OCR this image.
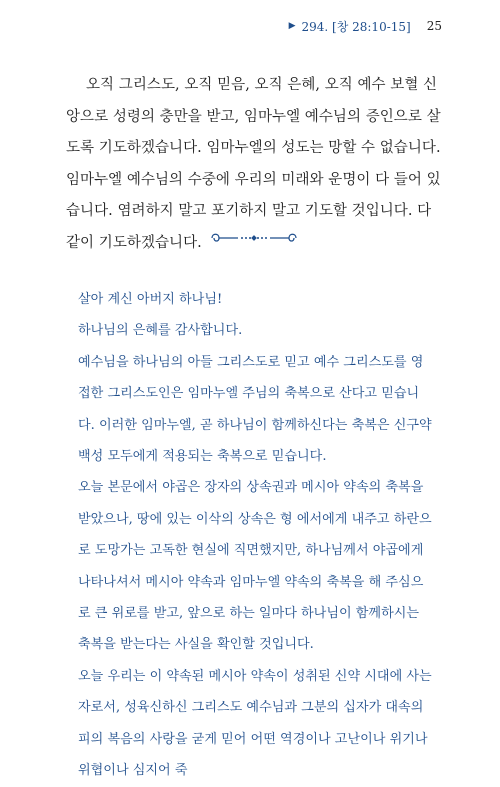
▶ 294. [창 28:10-15] 25

오직 그리스도, 오직 믿음, 오직 은혜, 오직 예수 보혈 신앙으로 성령의 충만을 받고, 임마누엘 예수님의 증인으로 살도록 기도하겠습니다. 임마누엘의 성도는 망할 수 없습니다. 임마누엘 예수님의 수중에 우리의 미래와 운명이 다 들어 있습니다. 염려하지 말고 포기하지 말고 기도할 것입니다. 다같이 기도하겠습니다.

살아 계신 아버지 하나님!

하나님의 은혜를 감사합니다.

예수님을 하나님의 아들 그리스도로 믿고 예수 그리스도를 영접한 그리스도인은 임마누엘 주님의 축복으로 산다고 믿습니다. 이러한 임마누엘, 곧 하나님이 함께하신다는 축복은 신구약 백성 모두에게 적용되는 축복으로 믿습니다.

오늘 본문에서 야곱은 장자의 상속권과 메시아 약속의 축복을 받았으나, 땅에 있는 이삭의 상속은 형 에서에게 내주고 하란으로 도망가는 고독한 현실에 직면했지만, 하나님께서 야곱에게 나타나셔서 메시아 약속과 임마누엘 약속의 축복을 해 주심으로 큰 위로를 받고, 앞으로 하는 일마다 하나님이 함께하시는 축복을 받는다는 사실을 확인할 것입니다.

오늘 우리는 이 약속된 메시아 약속이 성취된 신약 시대에 사는 자로서, 성육신하신 그리스도 예수님과 그분의 십자가 대속의 피의 복음의 사랑을 굳게 믿어 어떤 역경이나 고난이나 위기나 위협이나 심지어 죽
